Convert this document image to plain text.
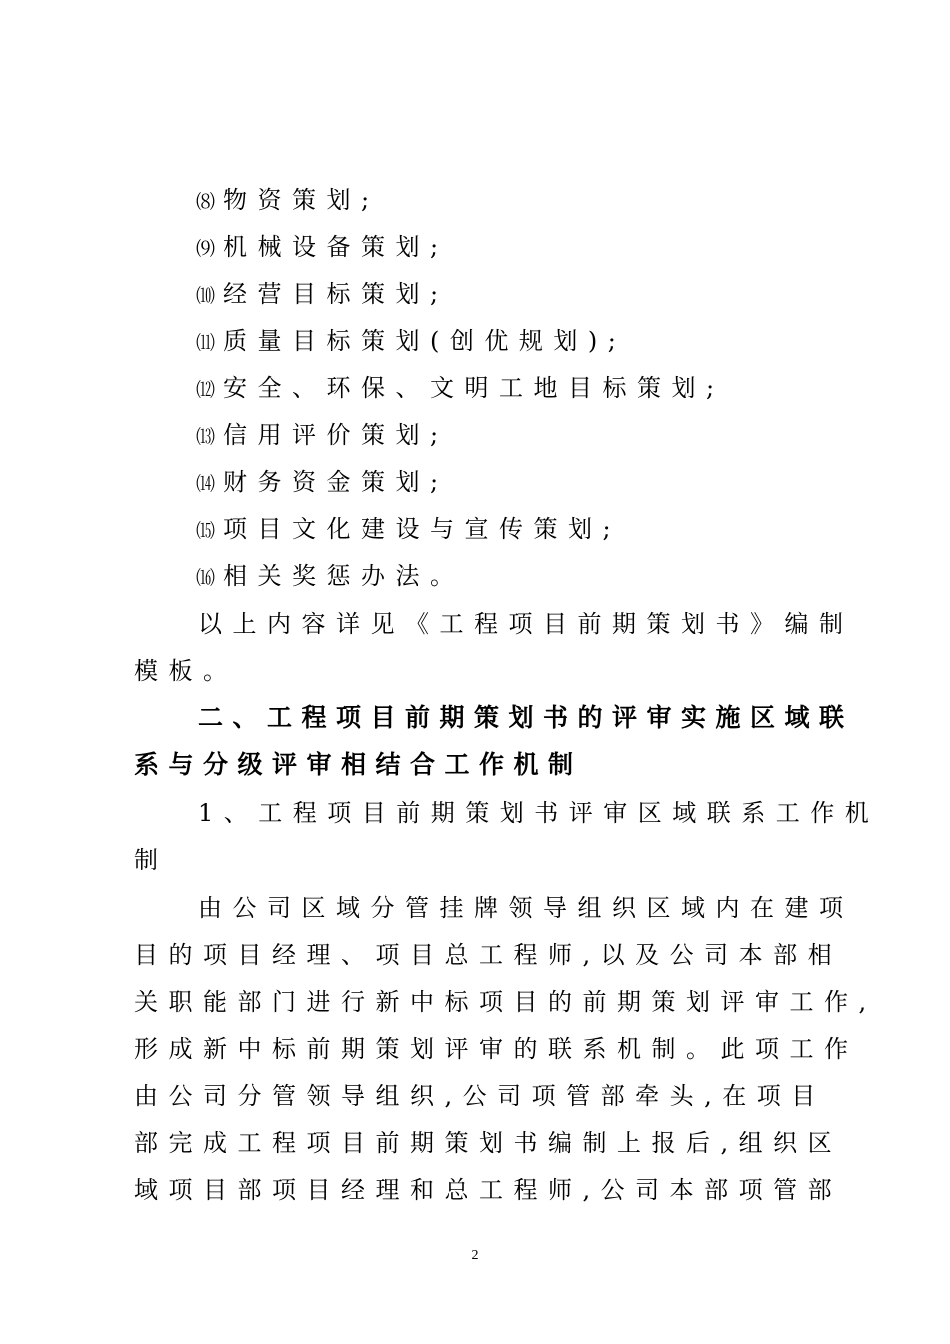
⑻ 物资策划;
⑼ 机械设备策划;
⑽ 经营目标策划;
⑾ 质量目标策划(创优规划);
⑿ 安全、环保、文明工地目标策划;
⒀ 信用评价策划;
⒁ 财务资金策划;
⒂ 项目文化建设与宣传策划;
⒃ 相关奖惩办法。
以上内容详见《工程项目前期策划书》编制
模板。
二、工程项目前期策划书的评审实施区域联
系与分级评审相结合工作机制
1、工程项目前期策划书评审区域联系工作机
制
由公司区域分管挂牌领导组织区域内在建项
目的项目经理、项目总工程师,以及公司本部相
关职能部门进行新中标项目的前期策划评审工作,
形成新中标前期策划评审的联系机制。此项工作
由公司分管领导组织,公司项管部牵头,在项目
部完成工程项目前期策划书编制上报后,组织区
域项目部项目经理和总工程师,公司本部项管部
2
